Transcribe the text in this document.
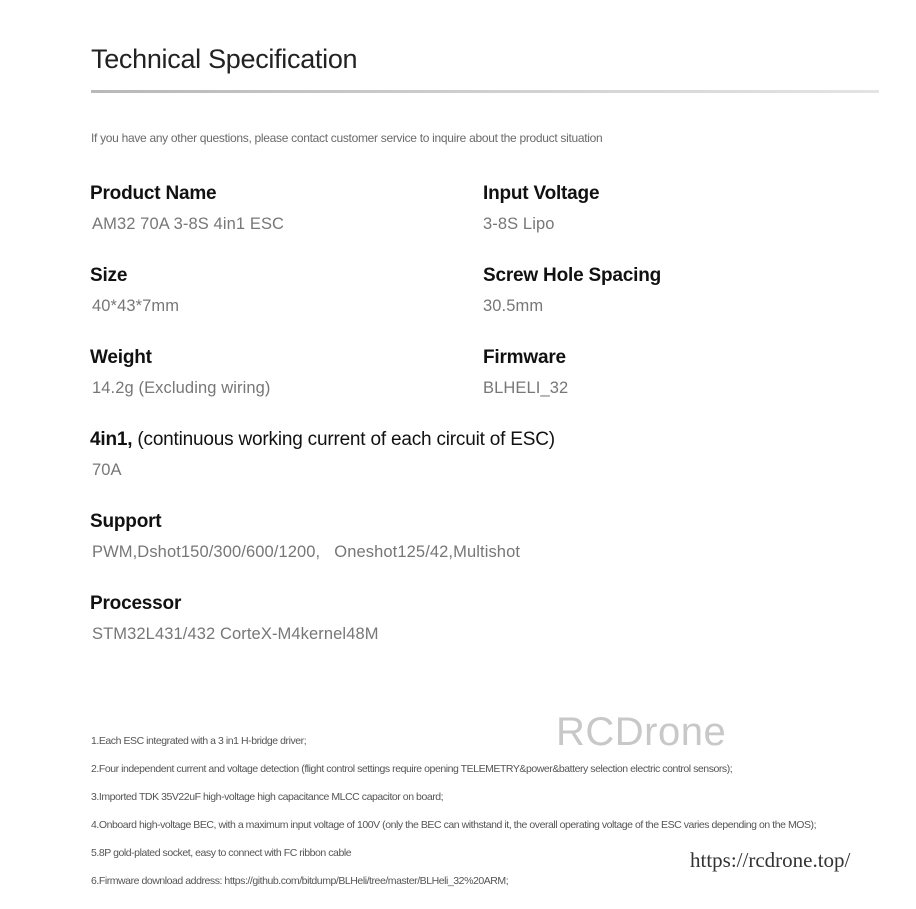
Technical Specification
If you have any other questions, please contact customer service to inquire about the product situation
Product Name
AM32 70A 3-8S 4in1 ESC
Input Voltage
3-8S Lipo
Size
40*43*7mm
Screw Hole Spacing
30.5mm
Weight
14.2g (Excluding wiring)
Firmware
BLHELI_32
4in1, (continuous working current of each circuit of ESC)
70A
Support
PWM,Dshot150/300/600/1200,   Oneshot125/42,Multishot
Processor
STM32L431/432 CorteX-M4kernel48M
RCDrone
1.Each ESC integrated with a 3 in1 H-bridge driver;
2.Four independent current and voltage detection (flight control settings require opening TELEMETRY&power&battery selection electric control sensors);
3.Imported TDK 35V22uF high-voltage high capacitance MLCC capacitor on board;
4.Onboard high-voltage BEC, with a maximum input voltage of 100V (only the BEC can withstand it, the overall operating voltage of the ESC varies depending on the MOS);
5.8P gold-plated socket, easy to connect with FC ribbon cable
6.Firmware download address: https://github.com/bitdump/BLHeli/tree/master/BLHeli_32%20ARM;
https://rcdrone.top/
